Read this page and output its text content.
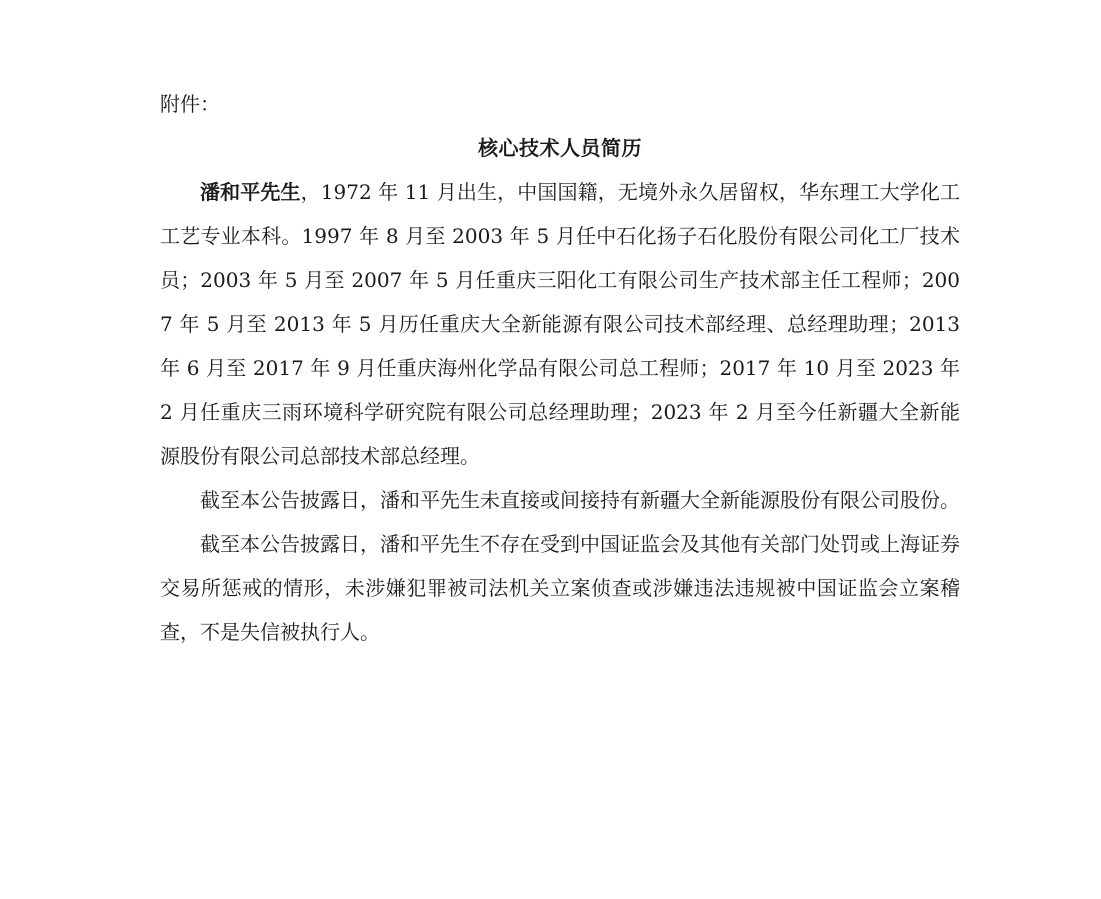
附件：

核心技术人员简历

潘和平先生，1972 年 11 月出生，中国国籍，无境外永久居留权，华东理工大学化工工艺专业本科。1997 年 8 月至 2003 年 5 月任中石化扬子石化股份有限公司化工厂技术员；2003 年 5 月至 2007 年 5 月任重庆三阳化工有限公司生产技术部主任工程师；2007 年 5 月至 2013 年 5 月历任重庆大全新能源有限公司技术部经理、总经理助理；2013 年 6 月至 2017 年 9 月任重庆海州化学品有限公司总工程师；2017 年 10 月至 2023 年 2 月任重庆三雨环境科学研究院有限公司总经理助理；2023 年 2 月至今任新疆大全新能源股份有限公司总部技术部总经理。

截至本公告披露日，潘和平先生未直接或间接持有新疆大全新能源股份有限公司股份。

截至本公告披露日，潘和平先生不存在受到中国证监会及其他有关部门处罚或上海证券交易所惩戒的情形，未涉嫌犯罪被司法机关立案侦查或涉嫌违法违规被中国证监会立案稽查，不是失信被执行人。
